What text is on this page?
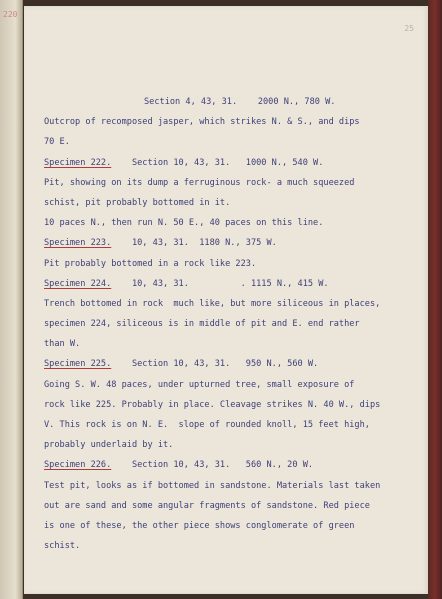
220
25
Section 4, 43, 31.    2000 N., 780 W.
Outcrop of recomposed jasper, which strikes N. & S., and dips
70 E.
Specimen 222.    Section 10, 43, 31.   1000 N., 540 W.
Pit, showing on its dump a ferruginous rock- a much squeezed
schist, pit probably bottomed in it.
10 paces N., then run N. 50 E., 40 paces on this line.
Specimen 223.    10, 43, 31.  1180 N., 375 W.
Pit probably bottomed in a rock like 223.
Specimen 224.    10, 43, 31.          . 1115 N., 415 W.
Trench bottomed in rock  much like, but more siliceous in places,
specimen 224, siliceous is in middle of pit and E. end rather
than W.
Specimen 225.    Section 10, 43, 31.   950 N., 560 W.
Going S. W. 48 paces, under upturned tree, small exposure of
rock like 225. Probably in place. Cleavage strikes N. 40 W., dips
V. This rock is on N. E.  slope of rounded knoll, 15 feet high,
probably underlaid by it.
Specimen 226.    Section 10, 43, 31.   560 N., 20 W.
Test pit, looks as if bottomed in sandstone. Materials last taken
out are sand and some angular fragments of sandstone. Red piece
is one of these, the other piece shows conglomerate of green
schist.
